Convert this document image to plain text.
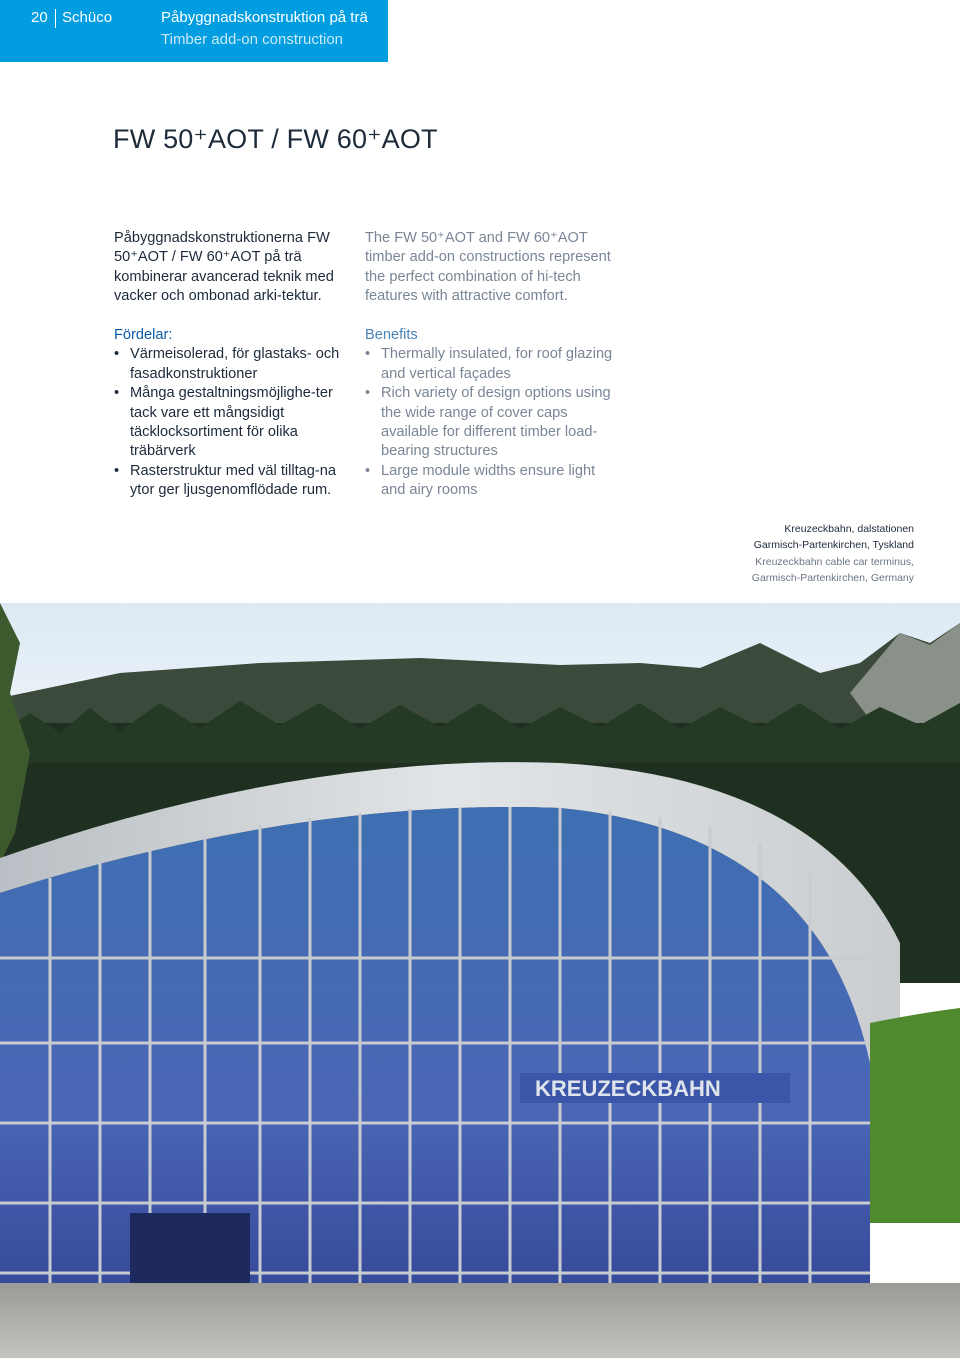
20 Schüco	Påbyggnadskonstruktion på trä
Timber add-on construction
FW 50⁺AOT / FW 60⁺AOT

Påbyggnadskonstruktionerna FW 50⁺AOT / FW 60⁺AOT på trä kombinerar avancerad teknik med vacker och ombonad arki-tektur.

Fördelar:

• Värmeisolerad, för glastaks- och fasadkonstruktioner
• Många gestaltningsmöjlighe-ter tack vare ett mångsidigt täcklocksortiment för olika träbärverk
• Rasterstruktur med väl tilltag-na ytor ger ljusgenomflödade rum.

The FW 50⁺AOT and FW 60⁺AOT timber add-on constructions represent the perfect combination of hi-tech features with attractive comfort.

Benefits

• Thermally insulated, for roof glazing and vertical façades
• Rich variety of design options using the wide range of cover caps available for different timber load-bearing structures
• Large module widths ensure light and airy rooms
Kreuzeckbahn, dalstationen
Garmisch-Partenkirchen, Tyskland
Kreuzeckbahn cable car terminus,
Garmisch-Partenkirchen, Germany
KREUZECKBAHN
